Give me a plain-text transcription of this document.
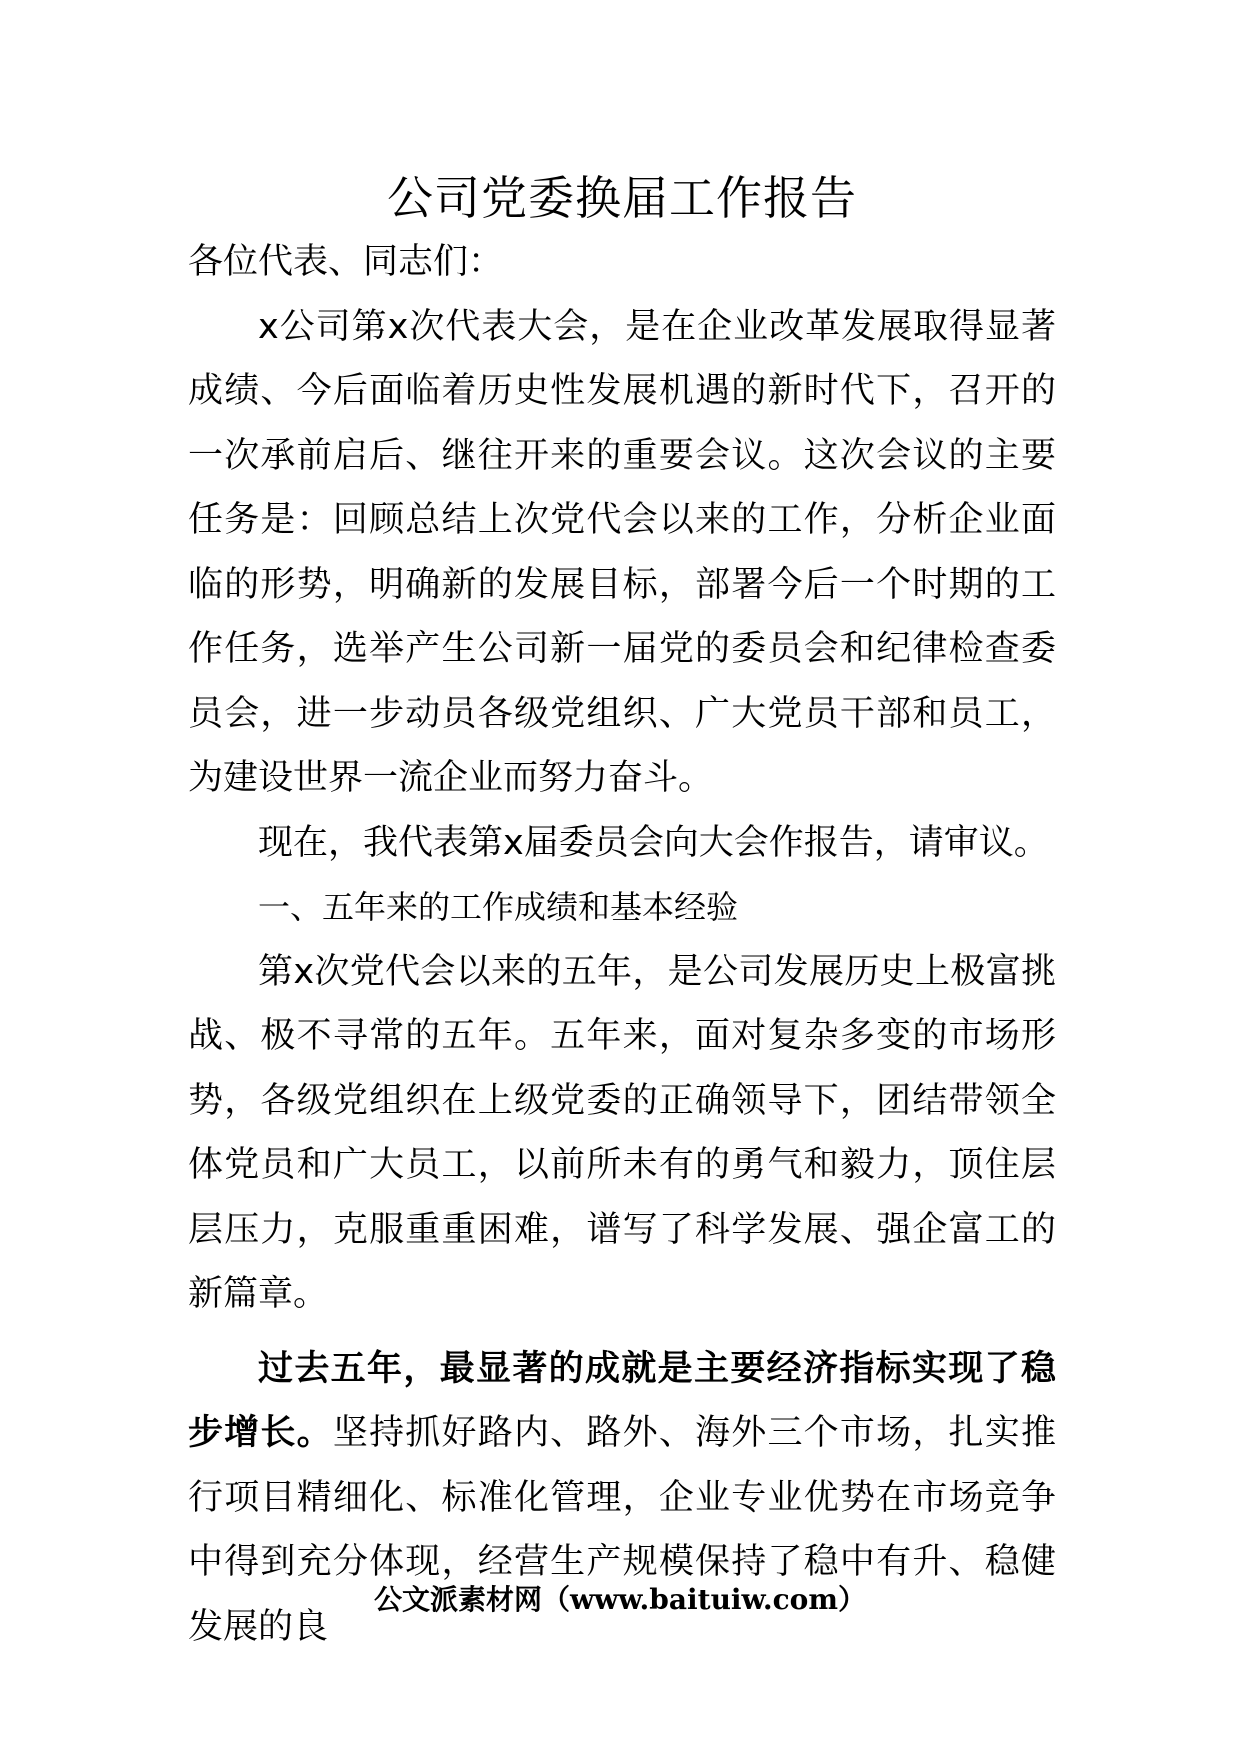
公司党委换届工作报告

各位代表、同志们：

x公司第x次代表大会，是在企业改革发展取得显著成绩、今后面临着历史性发展机遇的新时代下，召开的一次承前启后、继往开来的重要会议。这次会议的主要任务是：回顾总结上次党代会以来的工作，分析企业面临的形势，明确新的发展目标，部署今后一个时期的工作任务，选举产生公司新一届党的委员会和纪律检查委员会，进一步动员各级党组织、广大党员干部和员工，为建设世界一流企业而努力奋斗。

现在，我代表第x届委员会向大会作报告，请审议。

一、五年来的工作成绩和基本经验

第x次党代会以来的五年，是公司发展历史上极富挑战、极不寻常的五年。五年来，面对复杂多变的市场形势，各级党组织在上级党委的正确领导下，团结带领全体党员和广大员工，以前所未有的勇气和毅力，顶住层层压力，克服重重困难，谱写了科学发展、强企富工的新篇章。

过去五年，最显著的成就是主要经济指标实现了稳步增长。坚持抓好路内、路外、海外三个市场，扎实推行项目精细化、标准化管理，企业专业优势在市场竞争中得到充分体现，经营生产规模保持了稳中有升、稳健发展的良

公文派素材网（www.baituiw.com）
